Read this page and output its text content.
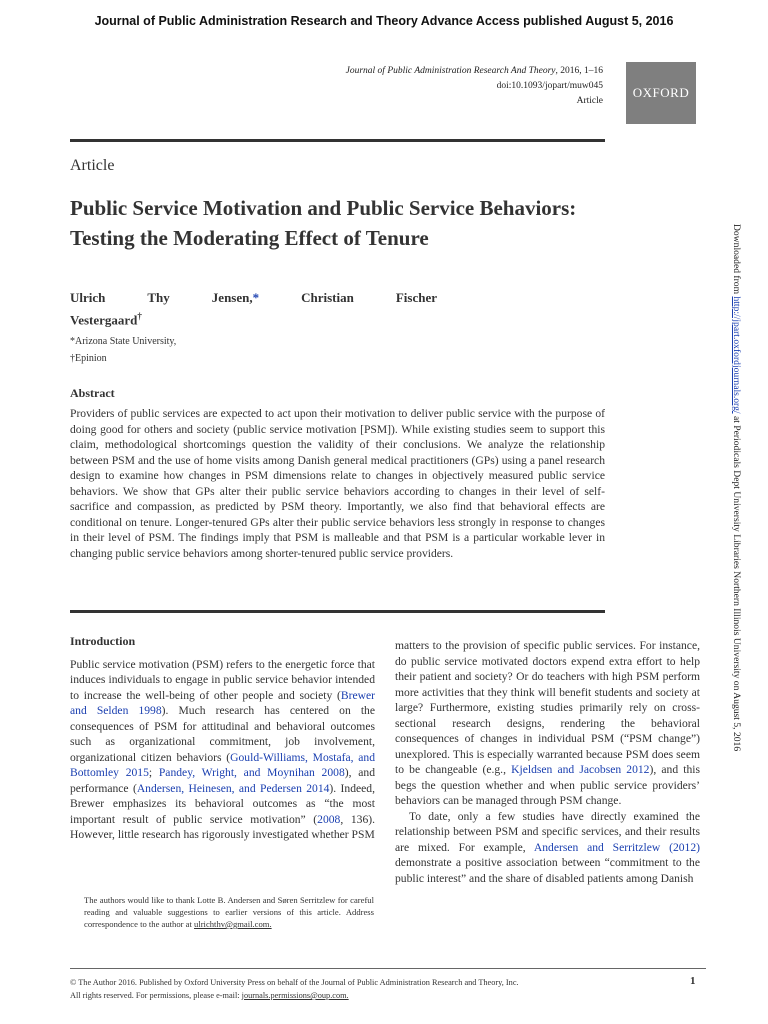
Journal of Public Administration Research and Theory Advance Access published August 5, 2016
Journal of Public Administration Research And Theory, 2016, 1–16
doi:10.1093/jopart/muw045
Article
OXFORD
Article
Public Service Motivation and Public Service Behaviors: Testing the Moderating Effect of Tenure
Ulrich	Thy	Jensen,*	Christian	Fischer
Vestergaard†
*Arizona State University,
†Epinion
Abstract

Providers of public services are expected to act upon their motivation to deliver public service with the purpose of doing good for others and society (public service motivation [PSM]). While existing studies seem to support this claim, methodological shortcomings question the validity of their conclusions. We analyze the relationship between PSM and the use of home visits among Danish general medical practitioners (GPs) using a panel research design to examine how changes in PSM dimensions relate to changes in objectively measured public service behaviors. We show that GPs alter their public service behaviors according to changes in their level of self-sacrifice and compassion, as predicted by PSM theory. Importantly, we also find that behavioral effects are conditional on tenure. Longer-tenured GPs alter their public service behaviors less strongly in response to changes in their level of PSM. The findings imply that PSM is malleable and that PSM is a particular workable lever in changing public service behaviors among shorter-tenured public service providers.

Introduction

Public service motivation (PSM) refers to the energetic force that induces individuals to engage in public service behavior intended to increase the well-being of other people and society (Brewer and Selden 1998). Much research has centered on the consequences of PSM for attitudinal and behavioral outcomes such as organizational commitment, job involvement, organizational citizen behaviors (Gould-Williams, Mostafa, and Bottomley 2015; Pandey, Wright, and Moynihan 2008), and performance (Andersen, Heinesen, and Pedersen 2014). Indeed, Brewer emphasizes its behavioral outcomes as “the most important result of public service motivation” (2008, 136). However, little research has rigorously investigated whether PSM

matters to the provision of specific public services. For instance, do public service motivated doctors expend extra effort to help their patient and society? Or do teachers with high PSM perform more activities that they think will benefit students and society at large? Furthermore, existing studies primarily rely on cross-sectional research designs, rendering the behavioral consequences of changes in individual PSM (“PSM change”) unexplored. This is especially warranted because PSM does seem to be changeable (e.g., Kjeldsen and Jacobsen 2012), and this begs the question whether and when public service providers’ behaviors can be managed through PSM change.

To date, only a few studies have directly examined the relationship between PSM and specific services, and their results are mixed. For example, Andersen and Serritzlew (2012) demonstrate a positive association between “commitment to the public interest” and the share of disabled patients among Danish

The authors would like to thank Lotte B. Andersen and Søren Serritzlew for careful reading and valuable suggestions to earlier versions of this article. Address correspondence to the author at ulrichthv@gmail.com.

© The Author 2016. Published by Oxford University Press on behalf of the Journal of Public Administration Research and Theory, Inc.
All rights reserved. For permissions, please e-mail: journals.permissions@oup.com.
1
Downloaded from http://jpart.oxfordjournals.org/ at Periodicals Dept University Libraries Northern Illinois University on August 5, 2016
